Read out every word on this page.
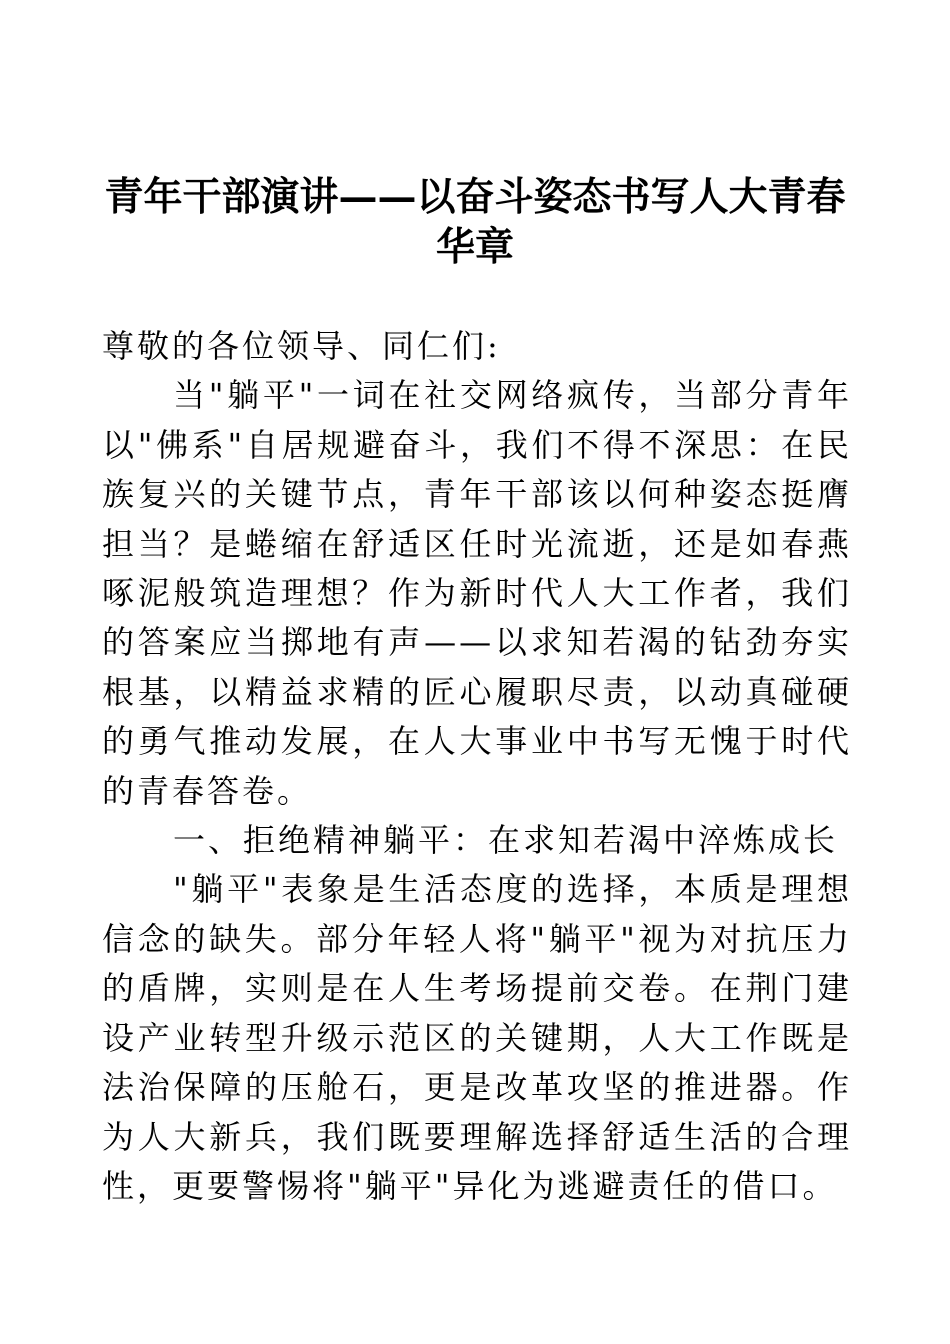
青年干部演讲——以奋斗姿态书写人大青春华章

尊敬的各位领导、同仁们:

当"躺平"一词在社交网络疯传，当部分青年以"佛系"自居规避奋斗，我们不得不深思：在民族复兴的关键节点，青年干部该以何种姿态挺膺担当？是蜷缩在舒适区任时光流逝，还是如春燕啄泥般筑造理想？作为新时代人大工作者，我们的答案应当掷地有声——以求知若渴的钻劲夯实根基，以精益求精的匠心履职尽责，以动真碰硬的勇气推动发展，在人大事业中书写无愧于时代的青春答卷。

一、拒绝精神躺平：在求知若渴中淬炼成长

"躺平"表象是生活态度的选择，本质是理想信念的缺失。部分年轻人将"躺平"视为对抗压力的盾牌，实则是在人生考场提前交卷。在荆门建设产业转型升级示范区的关键期，人大工作既是法治保障的压舱石，更是改革攻坚的推进器。作为人大新兵，我们既要理解选择舒适生活的合理性，更要警惕将"躺平"异化为逃避责任的借口。
